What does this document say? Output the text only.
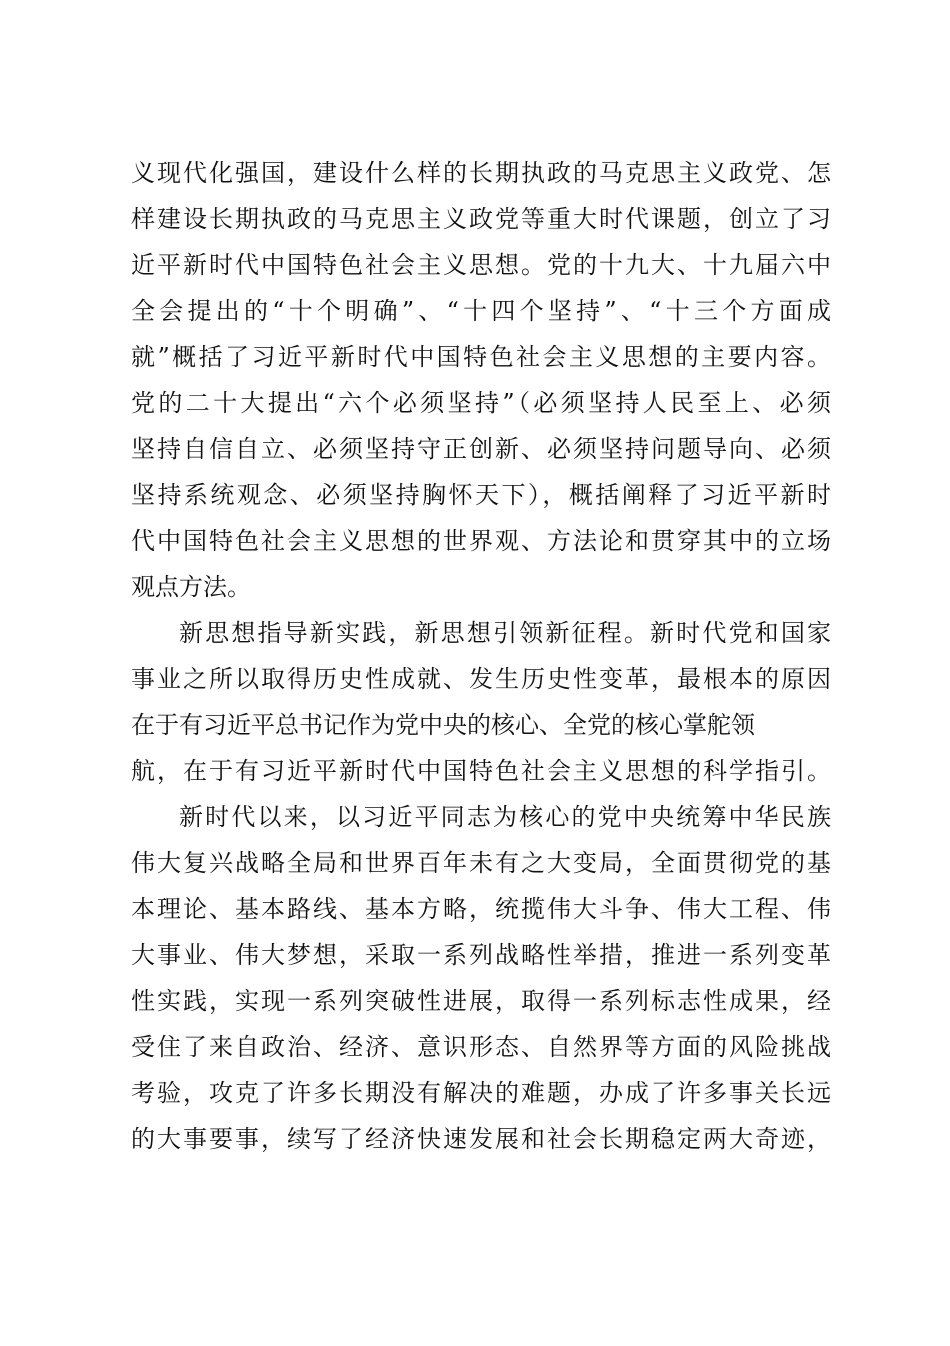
义现代化强国，建设什么样的长期执政的马克思主义政党、怎
样建设长期执政的马克思主义政党等重大时代课题，创立了习
近平新时代中国特色社会主义思想。党的十九大、十九届六中
全会提出的“十个明确”、“十四个坚持”、“十三个方面成
就”概括了习近平新时代中国特色社会主义思想的主要内容。
党的二十大提出“六个必须坚持”（必须坚持人民至上、必须
坚持自信自立、必须坚持守正创新、必须坚持问题导向、必须
坚持系统观念、必须坚持胸怀天下），概括阐释了习近平新时
代中国特色社会主义思想的世界观、方法论和贯穿其中的立场
观点方法。
新思想指导新实践，新思想引领新征程。新时代党和国家
事业之所以取得历史性成就、发生历史性变革，最根本的原因
在于有习近平总书记作为党中央的核心、全党的核心掌舵领
航，在于有习近平新时代中国特色社会主义思想的科学指引。
新时代以来，以习近平同志为核心的党中央统筹中华民族
伟大复兴战略全局和世界百年未有之大变局，全面贯彻党的基
本理论、基本路线、基本方略，统揽伟大斗争、伟大工程、伟
大事业、伟大梦想，采取一系列战略性举措，推进一系列变革
性实践，实现一系列突破性进展，取得一系列标志性成果，经
受住了来自政治、经济、意识形态、自然界等方面的风险挑战
考验，攻克了许多长期没有解决的难题，办成了许多事关长远
的大事要事，续写了经济快速发展和社会长期稳定两大奇迹，
